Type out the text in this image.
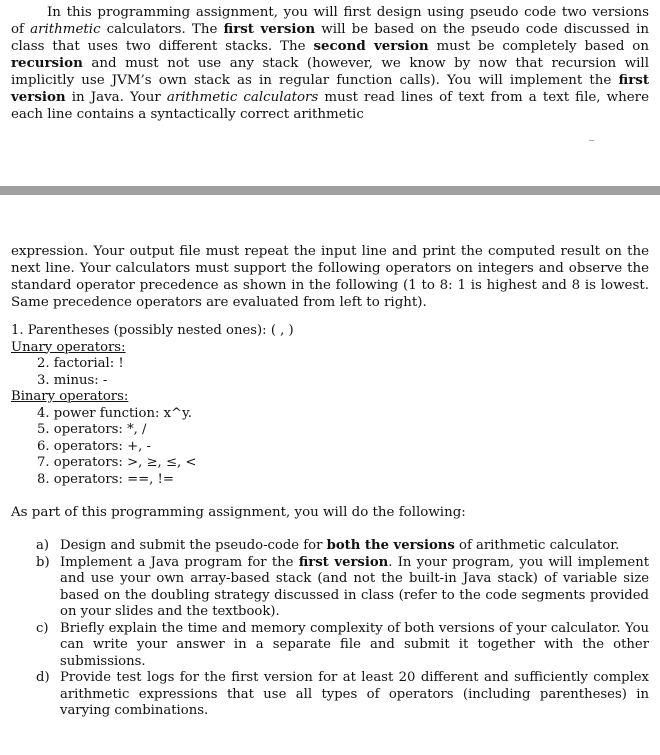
In this programming assignment, you will first design using pseudo code two versions of arithmetic calculators. The first version will be based on the pseudo code discussed in class that uses two different stacks. The second version must be completely based on recursion and must not use any stack (however, we know by now that recursion will implicitly use JVM’s own stack as in regular function calls). You will implement the first version in Java. Your arithmetic calculators must read lines of text from a text file, where each line contains a syntactically correct arithmetic

expression. Your output file must repeat the input line and print the computed result on the next line. Your calculators must support the following operators on integers and observe the standard operator precedence as shown in the following (1 to 8: 1 is highest and 8 is lowest. Same precedence operators are evaluated from left to right).

1. Parentheses (possibly nested ones): ( , )
Unary operators:
2. factorial: !
3. minus: -
Binary operators:
4. power function: x^y.
5. operators: *, /
6. operators: +, -
7. operators: >, ≥, ≤, <
8. operators: ==, !=

As part of this programming assignment, you will do the following:

a) Design and submit the pseudo-code for both the versions of arithmetic calculator.
b) Implement a Java program for the first version. In your program, you will implement and use your own array-based stack (and not the built-in Java stack) of variable size based on the doubling strategy discussed in class (refer to the code segments provided on your slides and the textbook).
c) Briefly explain the time and memory complexity of both versions of your calculator. You can write your answer in a separate file and submit it together with the other submissions.
d) Provide test logs for the first version for at least 20 different and sufficiently complex arithmetic expressions that use all types of operators (including parentheses) in varying combinations.
